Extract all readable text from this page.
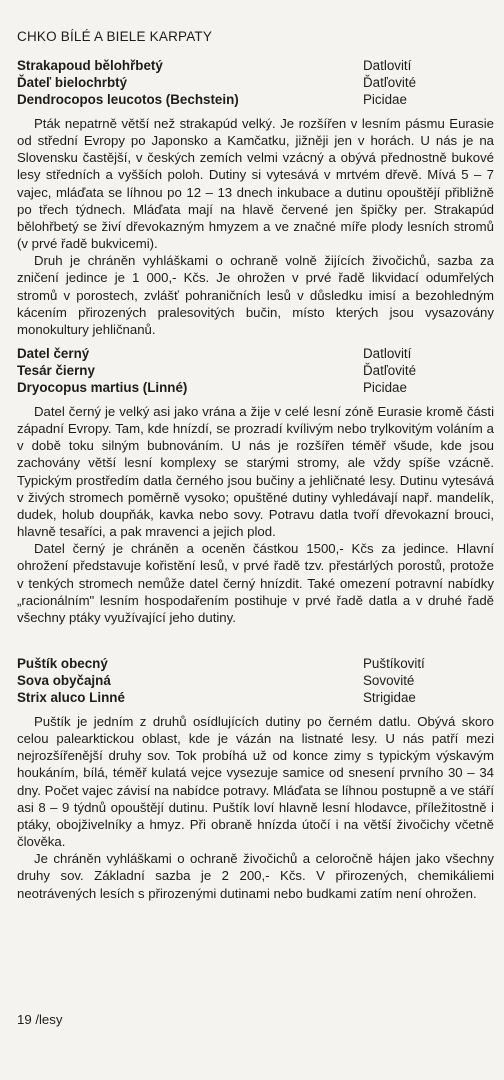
CHKO BÍLÉ A BIELE KARPATY
Strakapoud bělohřbetý	Datlovití
Ďateľ bielochrbtý	Ďatľovité
Dendrocopos leucotos (Bechstein)	Picidae

Pták nepatrně větší než strakapúd velký. Je rozšířen v lesním pásmu Eurasie od střední Evropy po Japonsko a Kamčatku, jižněji jen v horách. U nás je na Slovensku častější, v českých zemích velmi vzácný a obývá přednostně bukové lesy středních a vyšších poloh. Dutiny si vytesává v mrtvém dřevě. Mívá 5 – 7 vajec, mláďata se líhnou po 12 – 13 dnech inkubace a dutinu opouštějí přibližně po třech týdnech. Mláďata mají na hlavě červené jen špičky per. Strakapúd bělohřbetý se živí dřevokazným hmyzem a ve značné míře plody lesních stromů (v prvé řadě bukvicemi).

Druh je chráněn vyhláškami o ochraně volně žijících živočichů, sazba za zničení jedince je 1 000,- Kčs. Je ohrožen v prvé řadě likvidací odumřelých stromů v porostech, zvlášť pohraničních lesů v důsledku imisí a bezohledným kácením přirozených pralesovitých bučin, místo kterých jsou vysazovány monokultury jehličnanů.

Datel černý	Datlovití
Tesár čierny	Ďatľovité
Dryocopus martius (Linné)	Picidae

Datel černý je velký asi jako vrána a žije v celé lesní zóně Eurasie kromě části západní Evropy. Tam, kde hnízdí, se prozradí kvílivým nebo trylkovitým voláním a v době toku silným bubnováním. U nás je rozšířen téměř všude, kde jsou zachovány větší lesní komplexy se starými stromy, ale vždy spíše vzácně. Typickým prostředím datla černého jsou bučiny a jehličnaté lesy. Dutinu vytesává v živých stromech poměrně vysoko; opuštěné dutiny vyhledávají např. mandelík, dudek, holub doupňák, kavka nebo sovy. Potravu datla tvoří dřevokazní brouci, hlavně tesaříci, a pak mravenci a jejich plod.

Datel černý je chráněn a oceněn částkou 1500,- Kčs za jedince. Hlavní ohrožení představuje kořistění lesů, v prvé řadě tzv. přestárlých porostů, protože v tenkých stromech nemůže datel černý hnízdit. Také omezení potravní nabídky „racionálním" lesním hospodařením postihuje v prvé řadě datla a v druhé řadě všechny ptáky využívající jeho dutiny.

Puštík obecný	Puštíkovití
Sova obyčajná	Sovovité
Strix aluco Linné	Strigidae

Puštík je jedním z druhů osídlujících dutiny po černém datlu. Obývá skoro celou palearktickou oblast, kde je vázán na listnaté lesy. U nás patří mezi nejrozšířenější druhy sov. Tok probíhá už od konce zimy s typickým výskavým houkáním, bílá, téměř kulatá vejce vysezuje samice od snesení prvního 30 – 34 dny. Počet vajec závisí na nabídce potravy. Mláďata se líhnou postupně a ve stáří asi 8 – 9 týdnů opouštějí dutinu. Puštík loví hlavně lesní hlodavce, příležitostně i ptáky, obojživelníky a hmyz. Při obraně hnízda útočí i na větší živočichy včetně člověka.

Je chráněn vyhláškami o ochraně živočichů a celoročně hájen jako všechny druhy sov. Základní sazba je 2 200,- Kčs. V přirozených, chemikáliemi neotrávených lesích s přirozenými dutinami nebo budkami zatím není ohrožen.

19 /lesy
